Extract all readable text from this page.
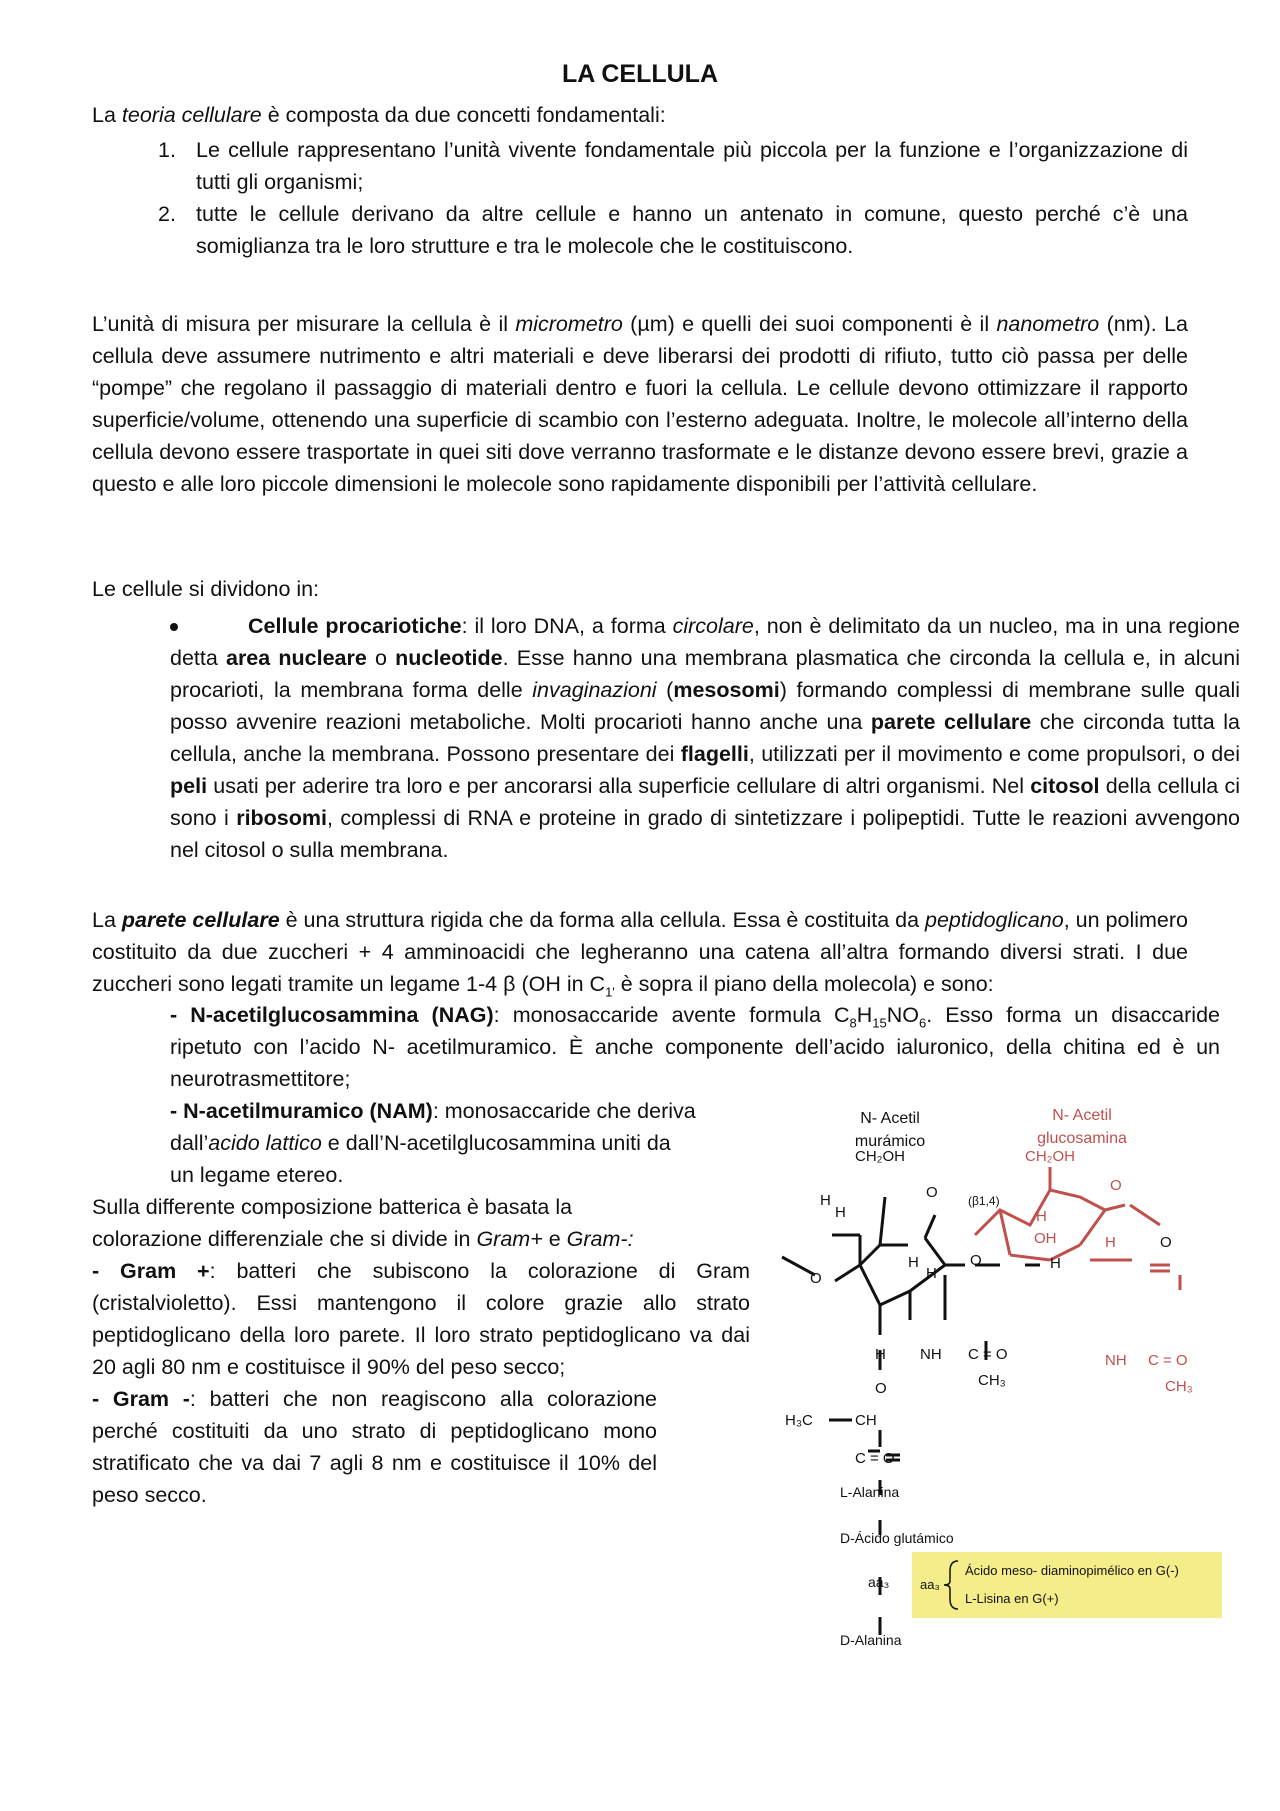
LA CELLULA

La teoria cellulare è composta da due concetti fondamentali:

1. Le cellule rappresentano l’unità vivente fondamentale più piccola per la funzione e l’organizzazione di tutti gli organismi;
2. tutte le cellule derivano da altre cellule e hanno un antenato in comune, questo perché c’è una somiglianza tra le loro strutture e tra le molecole che le costituiscono.

L’unità di misura per misurare la cellula è il micrometro (µm) e quelli dei suoi componenti è il nanometro (nm). La cellula deve assumere nutrimento e altri materiali e deve liberarsi dei prodotti di rifiuto, tutto ciò passa per delle “pompe” che regolano il passaggio di materiali dentro e fuori la cellula. Le cellule devono ottimizzare il rapporto superficie/volume, ottenendo una superficie di scambio con l’esterno adeguata. Inoltre, le molecole all’interno della cellula devono essere trasportate in quei siti dove verranno trasformate e le distanze devono essere brevi, grazie a questo e alle loro piccole dimensioni le molecole sono rapidamente disponibili per l’attività cellulare.

Le cellule si dividono in:

Cellule procariotiche: il loro DNA, a forma circolare, non è delimitato da un nucleo, ma in una regione detta area nucleare o nucleotide. Esse hanno una membrana plasmatica che circonda la cellula e, in alcuni procarioti, la membrana forma delle invaginazioni (mesosomi) formando complessi di membrane sulle quali posso avvenire reazioni metaboliche. Molti procarioti hanno anche una parete cellulare che circonda tutta la cellula, anche la membrana. Possono presentare dei flagelli, utilizzati per il movimento e come propulsori, o dei peli usati per aderire tra loro e per ancorarsi alla superficie cellulare di altri organismi. Nel citosol della cellula ci sono i ribosomi, complessi di RNA e proteine in grado di sintetizzare i polipeptidi. Tutte le reazioni avvengono nel citosol o sulla membrana.

La parete cellulare è una struttura rigida che da forma alla cellula. Essa è costituita da peptidoglicano, un polimero costituito da due zuccheri + 4 amminoacidi che legheranno una catena all’altra formando diversi strati. I due zuccheri sono legati tramite un legame 1-4 β (OH in $C_{1'}$ è sopra il piano della molecola) e sono:

- N-acetilglucosammina (NAG): monosaccaride avente formula $C_8H_{15}NO_6$. Esso forma un disaccaride ripetuto con l’acido N- acetilmuramico. È anche componente dell’acido ialuronico, della chitina ed è un neurotrasmettitore;

- N-acetilmuramico (NAM): monosaccaride che deriva

dall’acido lattico e dall’N-acetilglucosammina uniti da

un legame etereo.

Sulla differente composizione batterica è basata la

colorazione differenziale che si divide in Gram+ e Gram-:

- Gram +: batteri che subiscono la colorazione di Gram (cristalvioletto). Essi mantengono il colore grazie allo strato peptidoglicano della loro parete. Il loro strato peptidoglicano va dai 20 agli 80 nm e costituisce il 90% del peso secco;

- Gram -: batteri che non reagiscono alla colorazione perché costituiti da uno strato di peptidoglicano mono stratificato che va dai 7 agli 8 nm e costituisce il 10% del peso secco.

N- Acetil
murámico
N- Acetil
glucosamina
CH₂OH
H
H
O
O
O
H
H
H NH C = O
CH₃
O
H₃C	CH
C = O
L-Alanina
D-Ácido glutámico
aa₃
D-Alanina
CH₂OH
(β1,4)
H
O
OH	H
H
NH C = O
CH₃
O
aa₃
Ácido meso- diaminopimélico en G(-)
L-Lisina en G(+)
